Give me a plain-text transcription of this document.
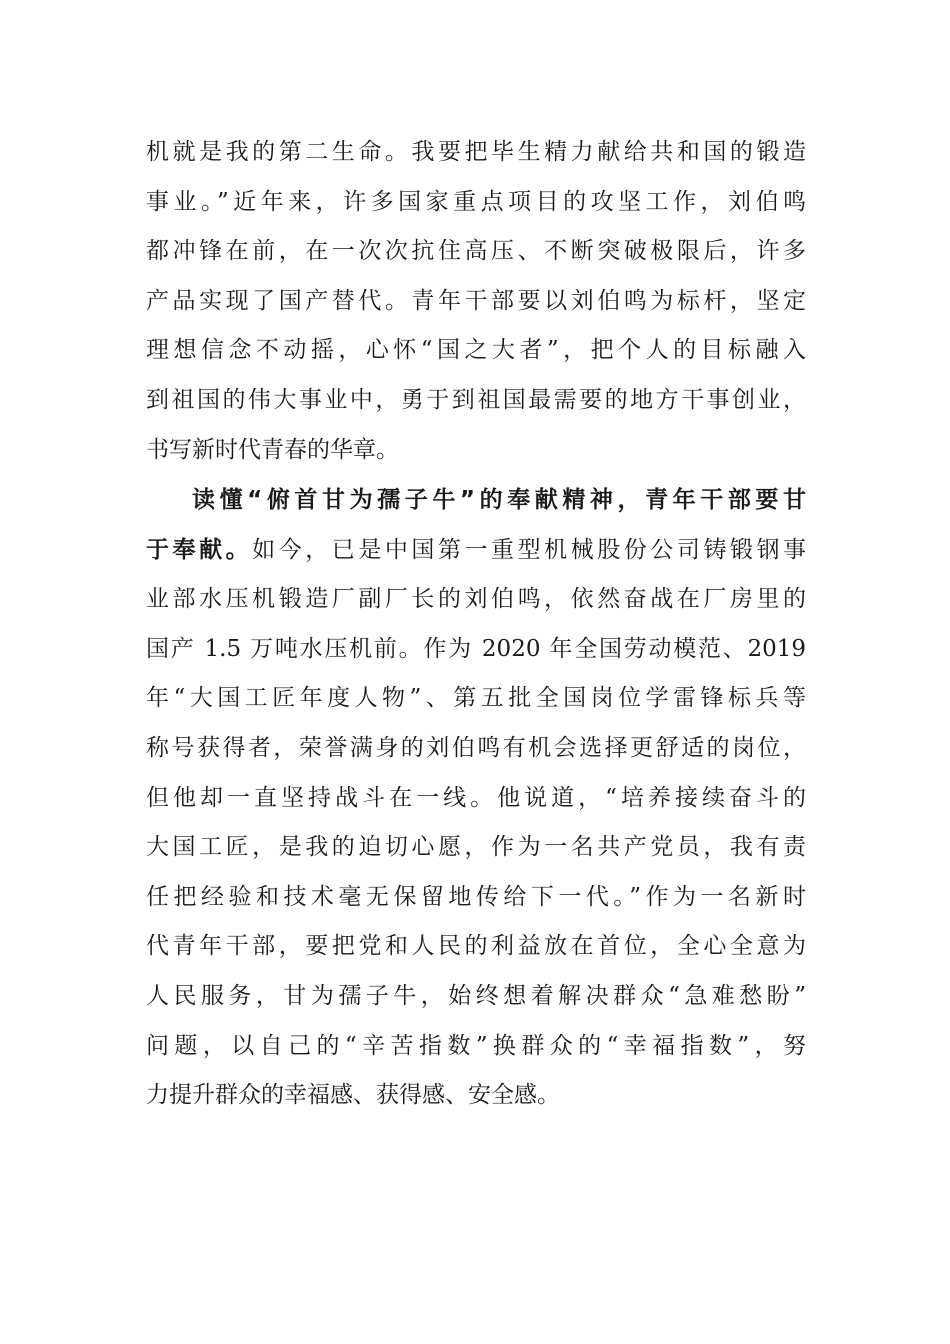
机就是我的第二生命。我要把毕生精力献给共和国的锻造
事业。”近年来，许多国家重点项目的攻坚工作，刘伯鸣
都冲锋在前，在一次次抗住高压、不断突破极限后，许多
产品实现了国产替代。青年干部要以刘伯鸣为标杆，坚定
理想信念不动摇，心怀“国之大者”，把个人的目标融入
到祖国的伟大事业中，勇于到祖国最需要的地方干事创业，
书写新时代青春的华章。
读懂“俯首甘为孺子牛”的奉献精神，青年干部要甘
于奉献。如今，已是中国第一重型机械股份公司铸锻钢事
业部水压机锻造厂副厂长的刘伯鸣，依然奋战在厂房里的
国产 1.5 万吨水压机前。作为 2020 年全国劳动模范、2019
年“大国工匠年度人物”、第五批全国岗位学雷锋标兵等
称号获得者，荣誉满身的刘伯鸣有机会选择更舒适的岗位，
但他却一直坚持战斗在一线。他说道，“培养接续奋斗的
大国工匠，是我的迫切心愿，作为一名共产党员，我有责
任把经验和技术毫无保留地传给下一代。”作为一名新时
代青年干部，要把党和人民的利益放在首位，全心全意为
人民服务，甘为孺子牛，始终想着解决群众“急难愁盼”
问题，以自己的“辛苦指数”换群众的“幸福指数”，努
力提升群众的幸福感、获得感、安全感。
